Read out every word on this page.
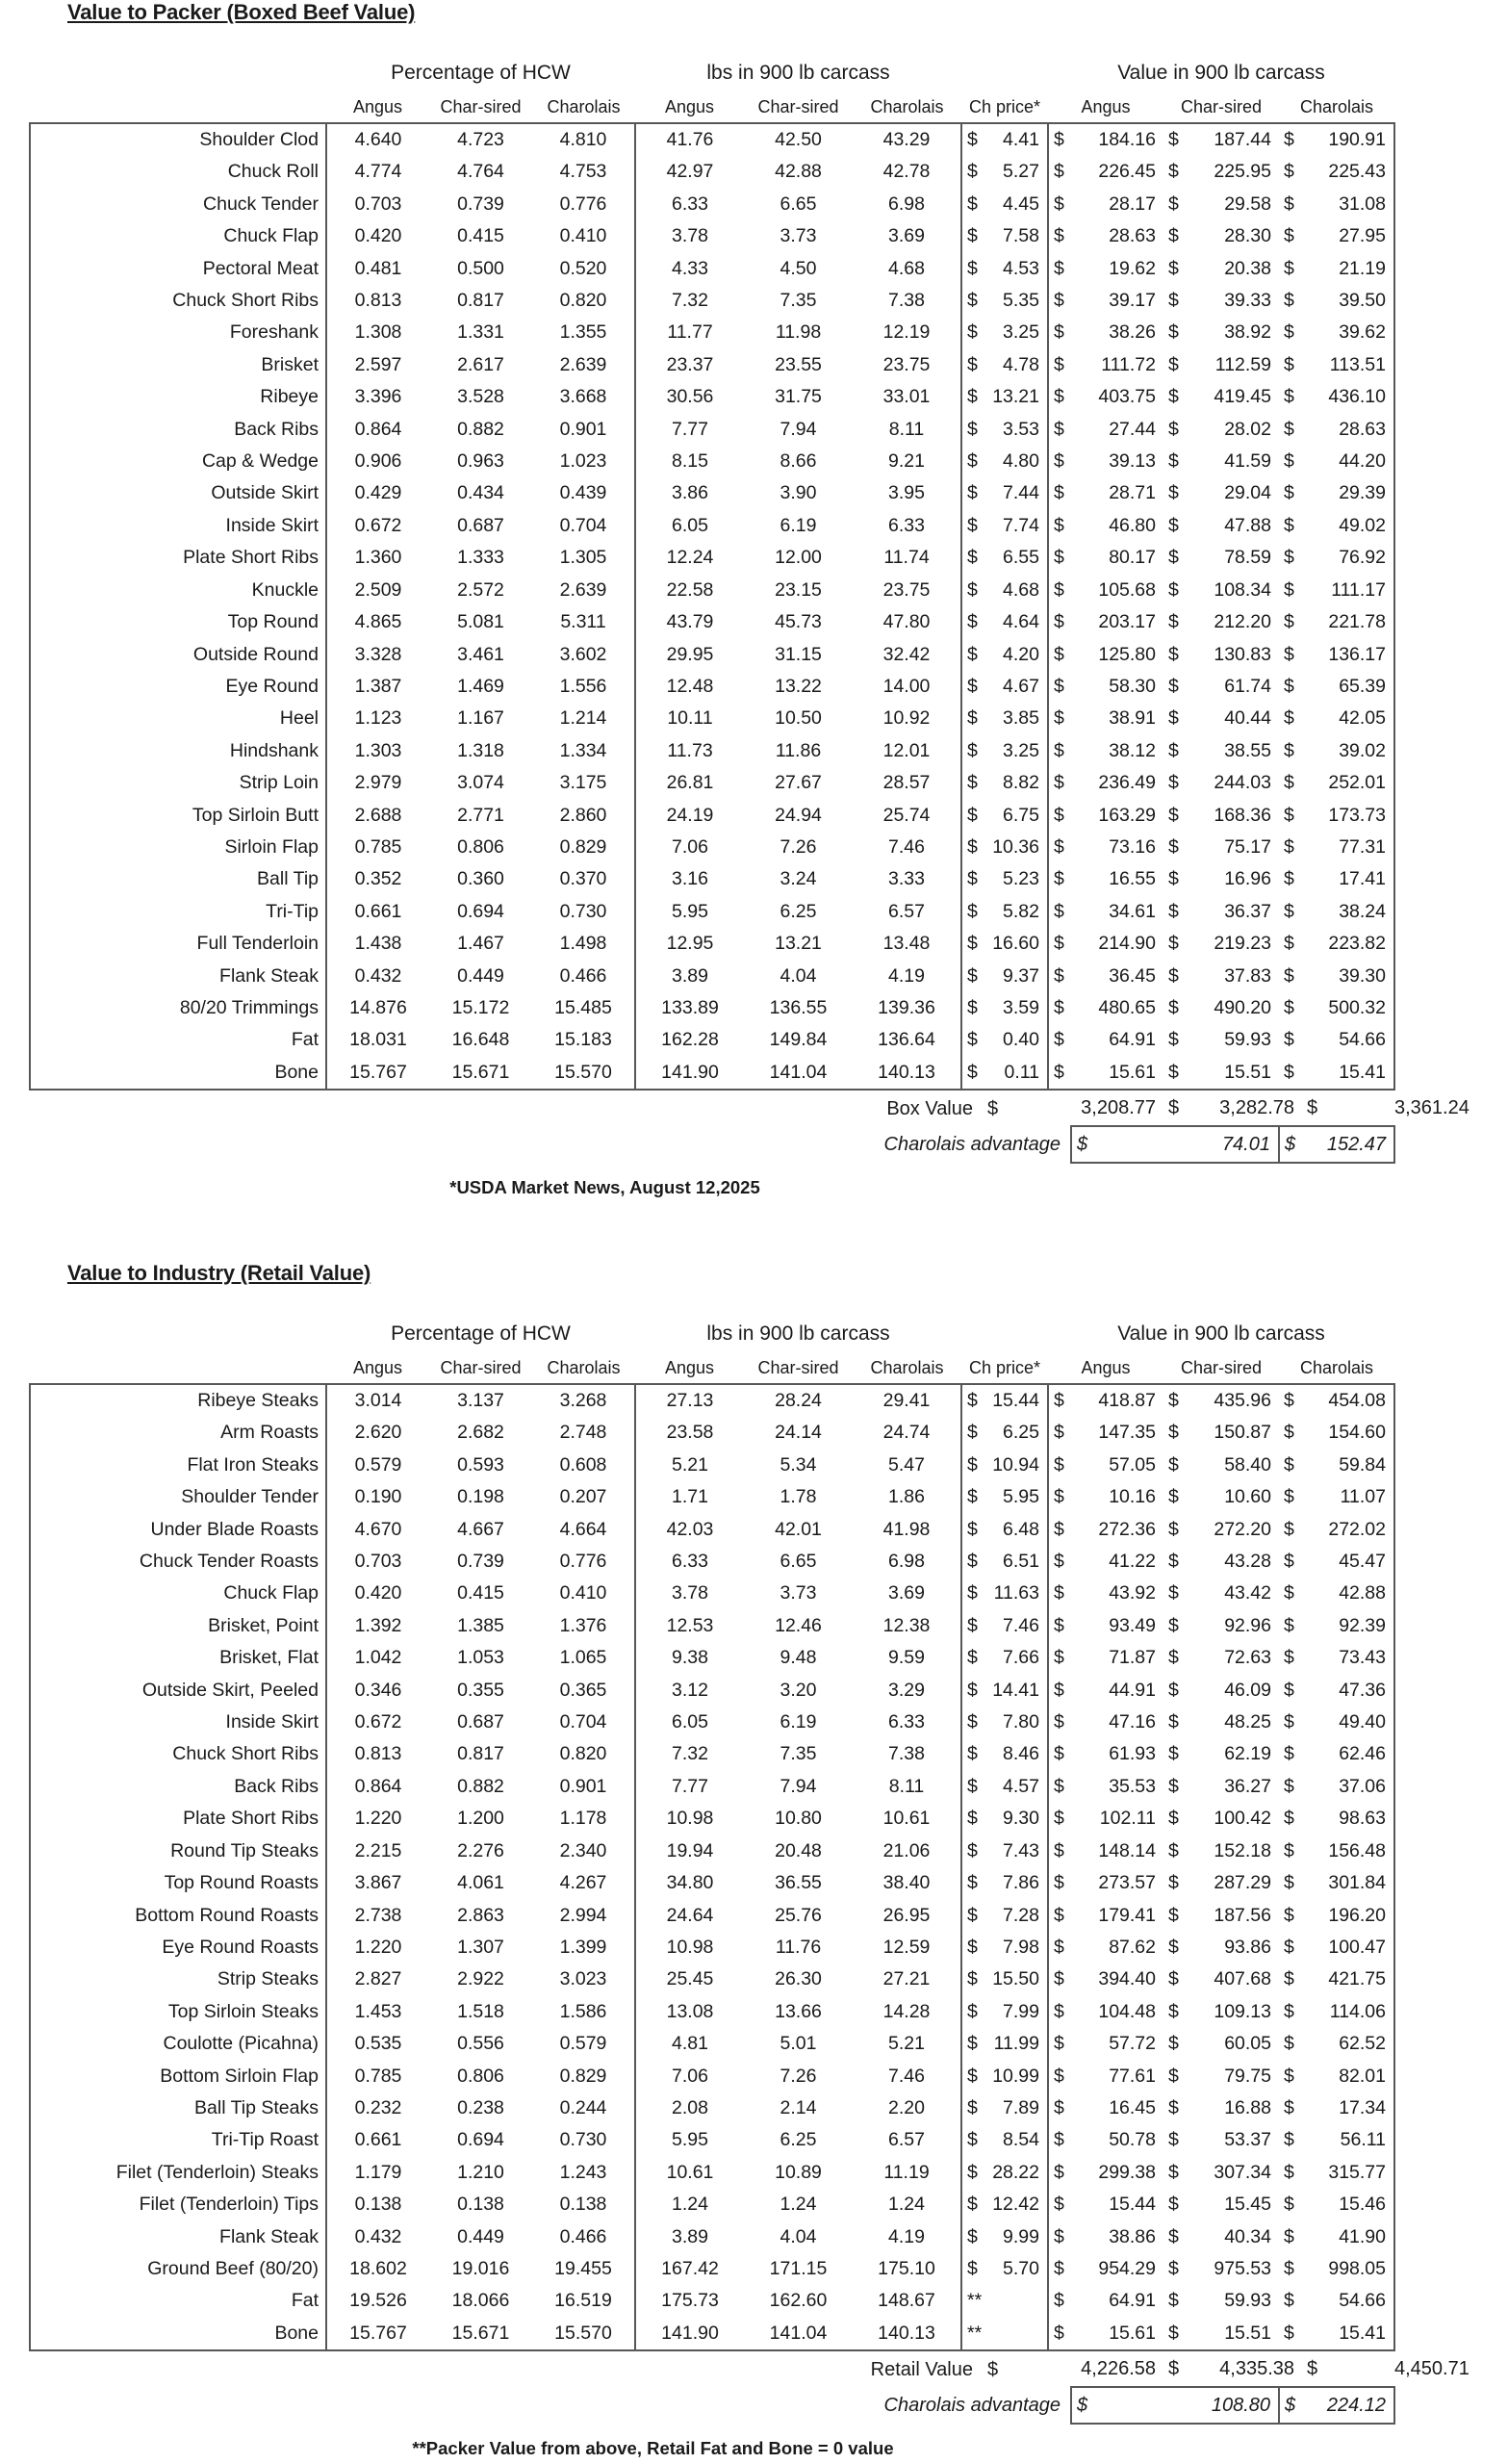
Value to Packer (Boxed Beef Value)
		Percentage of HCW			lbs in 900 lb carcass					Value in 900 lb carcass						
		Angus	Char-sired	Charolais	Angus	Char-sired	Charolais	Ch price*		Angus		Char-sired		Charolais		
	Shoulder Clod	4.640	4.723	4.810	41.76	42.50	43.29	$	4.41	$	184.16	$	187.44	$	190.91	
	Chuck Roll	4.774	4.764	4.753	42.97	42.88	42.78	$	5.27	$	226.45	$	225.95	$	225.43	
	Chuck Tender	0.703	0.739	0.776	6.33	6.65	6.98	$	4.45	$	28.17	$	29.58	$	31.08	
	Chuck Flap	0.420	0.415	0.410	3.78	3.73	3.69	$	7.58	$	28.63	$	28.30	$	27.95	
	Pectoral Meat	0.481	0.500	0.520	4.33	4.50	4.68	$	4.53	$	19.62	$	20.38	$	21.19	
	Chuck Short Ribs	0.813	0.817	0.820	7.32	7.35	7.38	$	5.35	$	39.17	$	39.33	$	39.50	
	Foreshank	1.308	1.331	1.355	11.77	11.98	12.19	$	3.25	$	38.26	$	38.92	$	39.62	
	Brisket	2.597	2.617	2.639	23.37	23.55	23.75	$	4.78	$	111.72	$	112.59	$	113.51	
	Ribeye	3.396	3.528	3.668	30.56	31.75	33.01	$	13.21	$	403.75	$	419.45	$	436.10	
	Back Ribs	0.864	0.882	0.901	7.77	7.94	8.11	$	3.53	$	27.44	$	28.02	$	28.63	
	Cap & Wedge	0.906	0.963	1.023	8.15	8.66	9.21	$	4.80	$	39.13	$	41.59	$	44.20	
	Outside Skirt	0.429	0.434	0.439	3.86	3.90	3.95	$	7.44	$	28.71	$	29.04	$	29.39	
	Inside Skirt	0.672	0.687	0.704	6.05	6.19	6.33	$	7.74	$	46.80	$	47.88	$	49.02	
	Plate Short Ribs	1.360	1.333	1.305	12.24	12.00	11.74	$	6.55	$	80.17	$	78.59	$	76.92	
	Knuckle	2.509	2.572	2.639	22.58	23.15	23.75	$	4.68	$	105.68	$	108.34	$	111.17	
	Top Round	4.865	5.081	5.311	43.79	45.73	47.80	$	4.64	$	203.17	$	212.20	$	221.78	
	Outside Round	3.328	3.461	3.602	29.95	31.15	32.42	$	4.20	$	125.80	$	130.83	$	136.17	
	Eye Round	1.387	1.469	1.556	12.48	13.22	14.00	$	4.67	$	58.30	$	61.74	$	65.39	
	Heel	1.123	1.167	1.214	10.11	10.50	10.92	$	3.85	$	38.91	$	40.44	$	42.05	
	Hindshank	1.303	1.318	1.334	11.73	11.86	12.01	$	3.25	$	38.12	$	38.55	$	39.02	
	Strip Loin	2.979	3.074	3.175	26.81	27.67	28.57	$	8.82	$	236.49	$	244.03	$	252.01	
	Top Sirloin Butt	2.688	2.771	2.860	24.19	24.94	25.74	$	6.75	$	163.29	$	168.36	$	173.73	
	Sirloin Flap	0.785	0.806	0.829	7.06	7.26	7.46	$	10.36	$	73.16	$	75.17	$	77.31	
	Ball Tip	0.352	0.360	0.370	3.16	3.24	3.33	$	5.23	$	16.55	$	16.96	$	17.41	
	Tri-Tip	0.661	0.694	0.730	5.95	6.25	6.57	$	5.82	$	34.61	$	36.37	$	38.24	
	Full Tenderloin	1.438	1.467	1.498	12.95	13.21	13.48	$	16.60	$	214.90	$	219.23	$	223.82	
	Flank Steak	0.432	0.449	0.466	3.89	4.04	4.19	$	9.37	$	36.45	$	37.83	$	39.30	
	80/20 Trimmings	14.876	15.172	15.485	133.89	136.55	139.36	$	3.59	$	480.65	$	490.20	$	500.32	
	Fat	18.031	16.648	15.183	162.28	149.84	136.64	$	0.40	$	64.91	$	59.93	$	54.66	
	Bone	15.767	15.671	15.570	141.90	141.04	140.13	$	0.11	$	15.61	$	15.51	$	15.41	
Box Value									$	3,208.77		$	3,282.78		$	3,361.24
Charolais advantage											$	74.01		$	152.47	
*USDA Market News, August 12,2025
Value to Industry (Retail Value)
		Percentage of HCW			lbs in 900 lb carcass					Value in 900 lb carcass						
		Angus	Char-sired	Charolais	Angus	Char-sired	Charolais	Ch price*		Angus		Char-sired		Charolais		
	Ribeye Steaks	3.014	3.137	3.268	27.13	28.24	29.41	$	15.44	$	418.87	$	435.96	$	454.08	
	Arm Roasts	2.620	2.682	2.748	23.58	24.14	24.74	$	6.25	$	147.35	$	150.87	$	154.60	
	Flat Iron Steaks	0.579	0.593	0.608	5.21	5.34	5.47	$	10.94	$	57.05	$	58.40	$	59.84	
	Shoulder Tender	0.190	0.198	0.207	1.71	1.78	1.86	$	5.95	$	10.16	$	10.60	$	11.07	
	Under Blade Roasts	4.670	4.667	4.664	42.03	42.01	41.98	$	6.48	$	272.36	$	272.20	$	272.02	
	Chuck Tender Roasts	0.703	0.739	0.776	6.33	6.65	6.98	$	6.51	$	41.22	$	43.28	$	45.47	
	Chuck Flap	0.420	0.415	0.410	3.78	3.73	3.69	$	11.63	$	43.92	$	43.42	$	42.88	
	Brisket, Point	1.392	1.385	1.376	12.53	12.46	12.38	$	7.46	$	93.49	$	92.96	$	92.39	
	Brisket, Flat	1.042	1.053	1.065	9.38	9.48	9.59	$	7.66	$	71.87	$	72.63	$	73.43	
	Outside Skirt, Peeled	0.346	0.355	0.365	3.12	3.20	3.29	$	14.41	$	44.91	$	46.09	$	47.36	
	Inside Skirt	0.672	0.687	0.704	6.05	6.19	6.33	$	7.80	$	47.16	$	48.25	$	49.40	
	Chuck Short Ribs	0.813	0.817	0.820	7.32	7.35	7.38	$	8.46	$	61.93	$	62.19	$	62.46	
	Back Ribs	0.864	0.882	0.901	7.77	7.94	8.11	$	4.57	$	35.53	$	36.27	$	37.06	
	Plate Short Ribs	1.220	1.200	1.178	10.98	10.80	10.61	$	9.30	$	102.11	$	100.42	$	98.63	
	Round Tip Steaks	2.215	2.276	2.340	19.94	20.48	21.06	$	7.43	$	148.14	$	152.18	$	156.48	
	Top Round Roasts	3.867	4.061	4.267	34.80	36.55	38.40	$	7.86	$	273.57	$	287.29	$	301.84	
	Bottom Round Roasts	2.738	2.863	2.994	24.64	25.76	26.95	$	7.28	$	179.41	$	187.56	$	196.20	
	Eye Round Roasts	1.220	1.307	1.399	10.98	11.76	12.59	$	7.98	$	87.62	$	93.86	$	100.47	
	Strip Steaks	2.827	2.922	3.023	25.45	26.30	27.21	$	15.50	$	394.40	$	407.68	$	421.75	
	Top Sirloin Steaks	1.453	1.518	1.586	13.08	13.66	14.28	$	7.99	$	104.48	$	109.13	$	114.06	
	Coulotte (Picahna)	0.535	0.556	0.579	4.81	5.01	5.21	$	11.99	$	57.72	$	60.05	$	62.52	
	Bottom Sirloin Flap	0.785	0.806	0.829	7.06	7.26	7.46	$	10.99	$	77.61	$	79.75	$	82.01	
	Ball Tip Steaks	0.232	0.238	0.244	2.08	2.14	2.20	$	7.89	$	16.45	$	16.88	$	17.34	
	Tri-Tip Roast	0.661	0.694	0.730	5.95	6.25	6.57	$	8.54	$	50.78	$	53.37	$	56.11	
	Filet (Tenderloin) Steaks	1.179	1.210	1.243	10.61	10.89	11.19	$	28.22	$	299.38	$	307.34	$	315.77	
	Filet (Tenderloin) Tips	0.138	0.138	0.138	1.24	1.24	1.24	$	12.42	$	15.44	$	15.45	$	15.46	
	Flank Steak	0.432	0.449	0.466	3.89	4.04	4.19	$	9.99	$	38.86	$	40.34	$	41.90	
	Ground Beef (80/20)	18.602	19.016	19.455	167.42	171.15	175.10	$	5.70	$	954.29	$	975.53	$	998.05	
	Fat	19.526	18.066	16.519	175.73	162.60	148.67	**		$	64.91	$	59.93	$	54.66	
	Bone	15.767	15.671	15.570	141.90	141.04	140.13	**		$	15.61	$	15.51	$	15.41	
Retail Value									$	4,226.58		$	4,335.38		$	4,450.71
Charolais advantage											$	108.80		$	224.12	
**Packer Value from above, Retail Fat and Bone = 0 value
